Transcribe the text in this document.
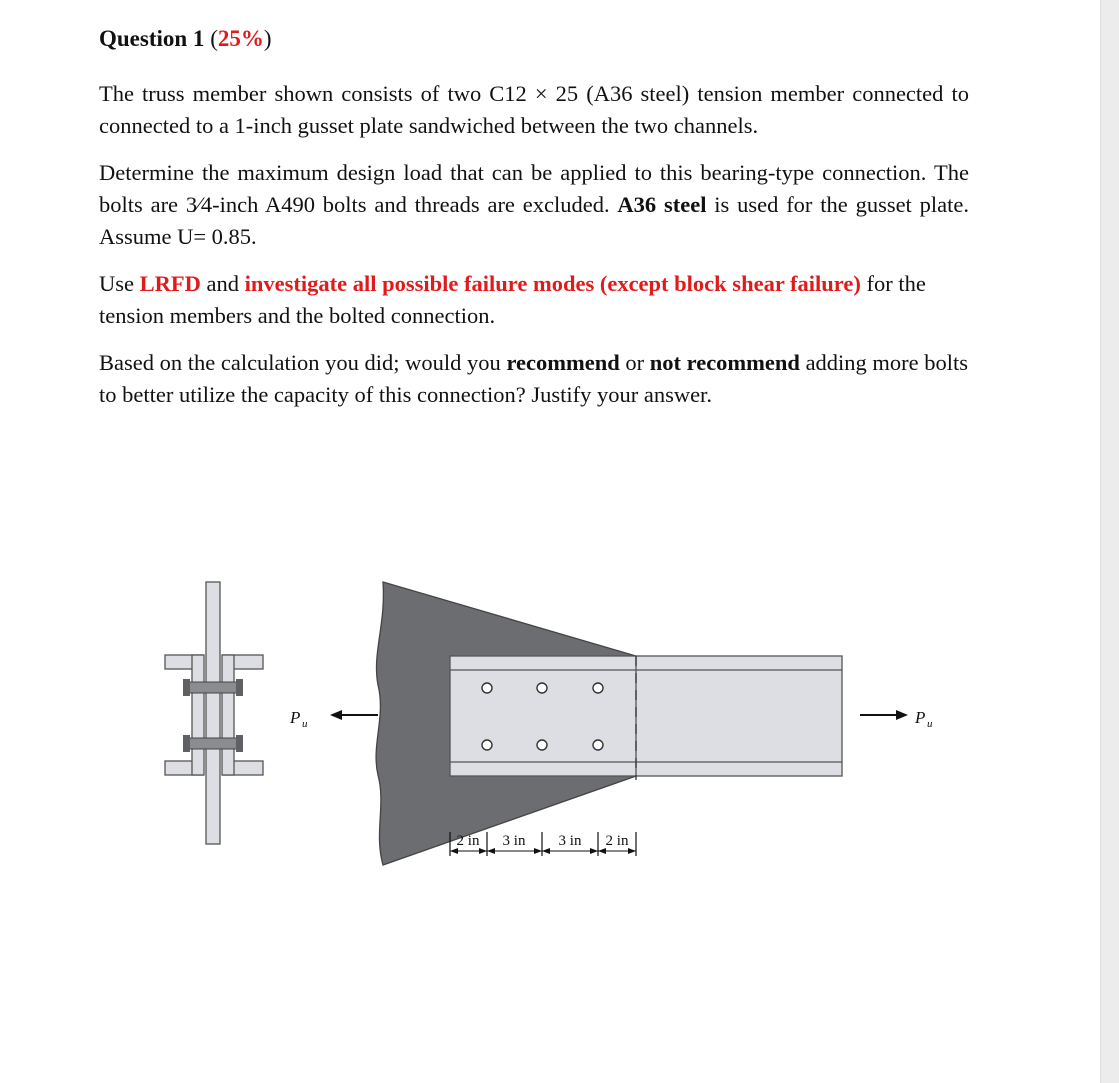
Question 1 (25%)

The truss member shown consists of two C12 × 25 (A36 steel) tension member connected to connected to a 1-inch gusset plate sandwiched between the two channels.

Determine the maximum design load that can be applied to this bearing-type connection. The bolts are 3⁄4-inch A490 bolts and threads are excluded. A36 steel is used for the gusset plate. Assume U= 0.85.

Use LRFD and investigate all possible failure modes (except block shear failure) for the tension members and the bolted connection.

Based on the calculation you did; would you recommend or not recommend adding more bolts to better utilize the capacity of this connection? Justify your answer.

P u	P u
2 in 3 in 3 in 2 in
